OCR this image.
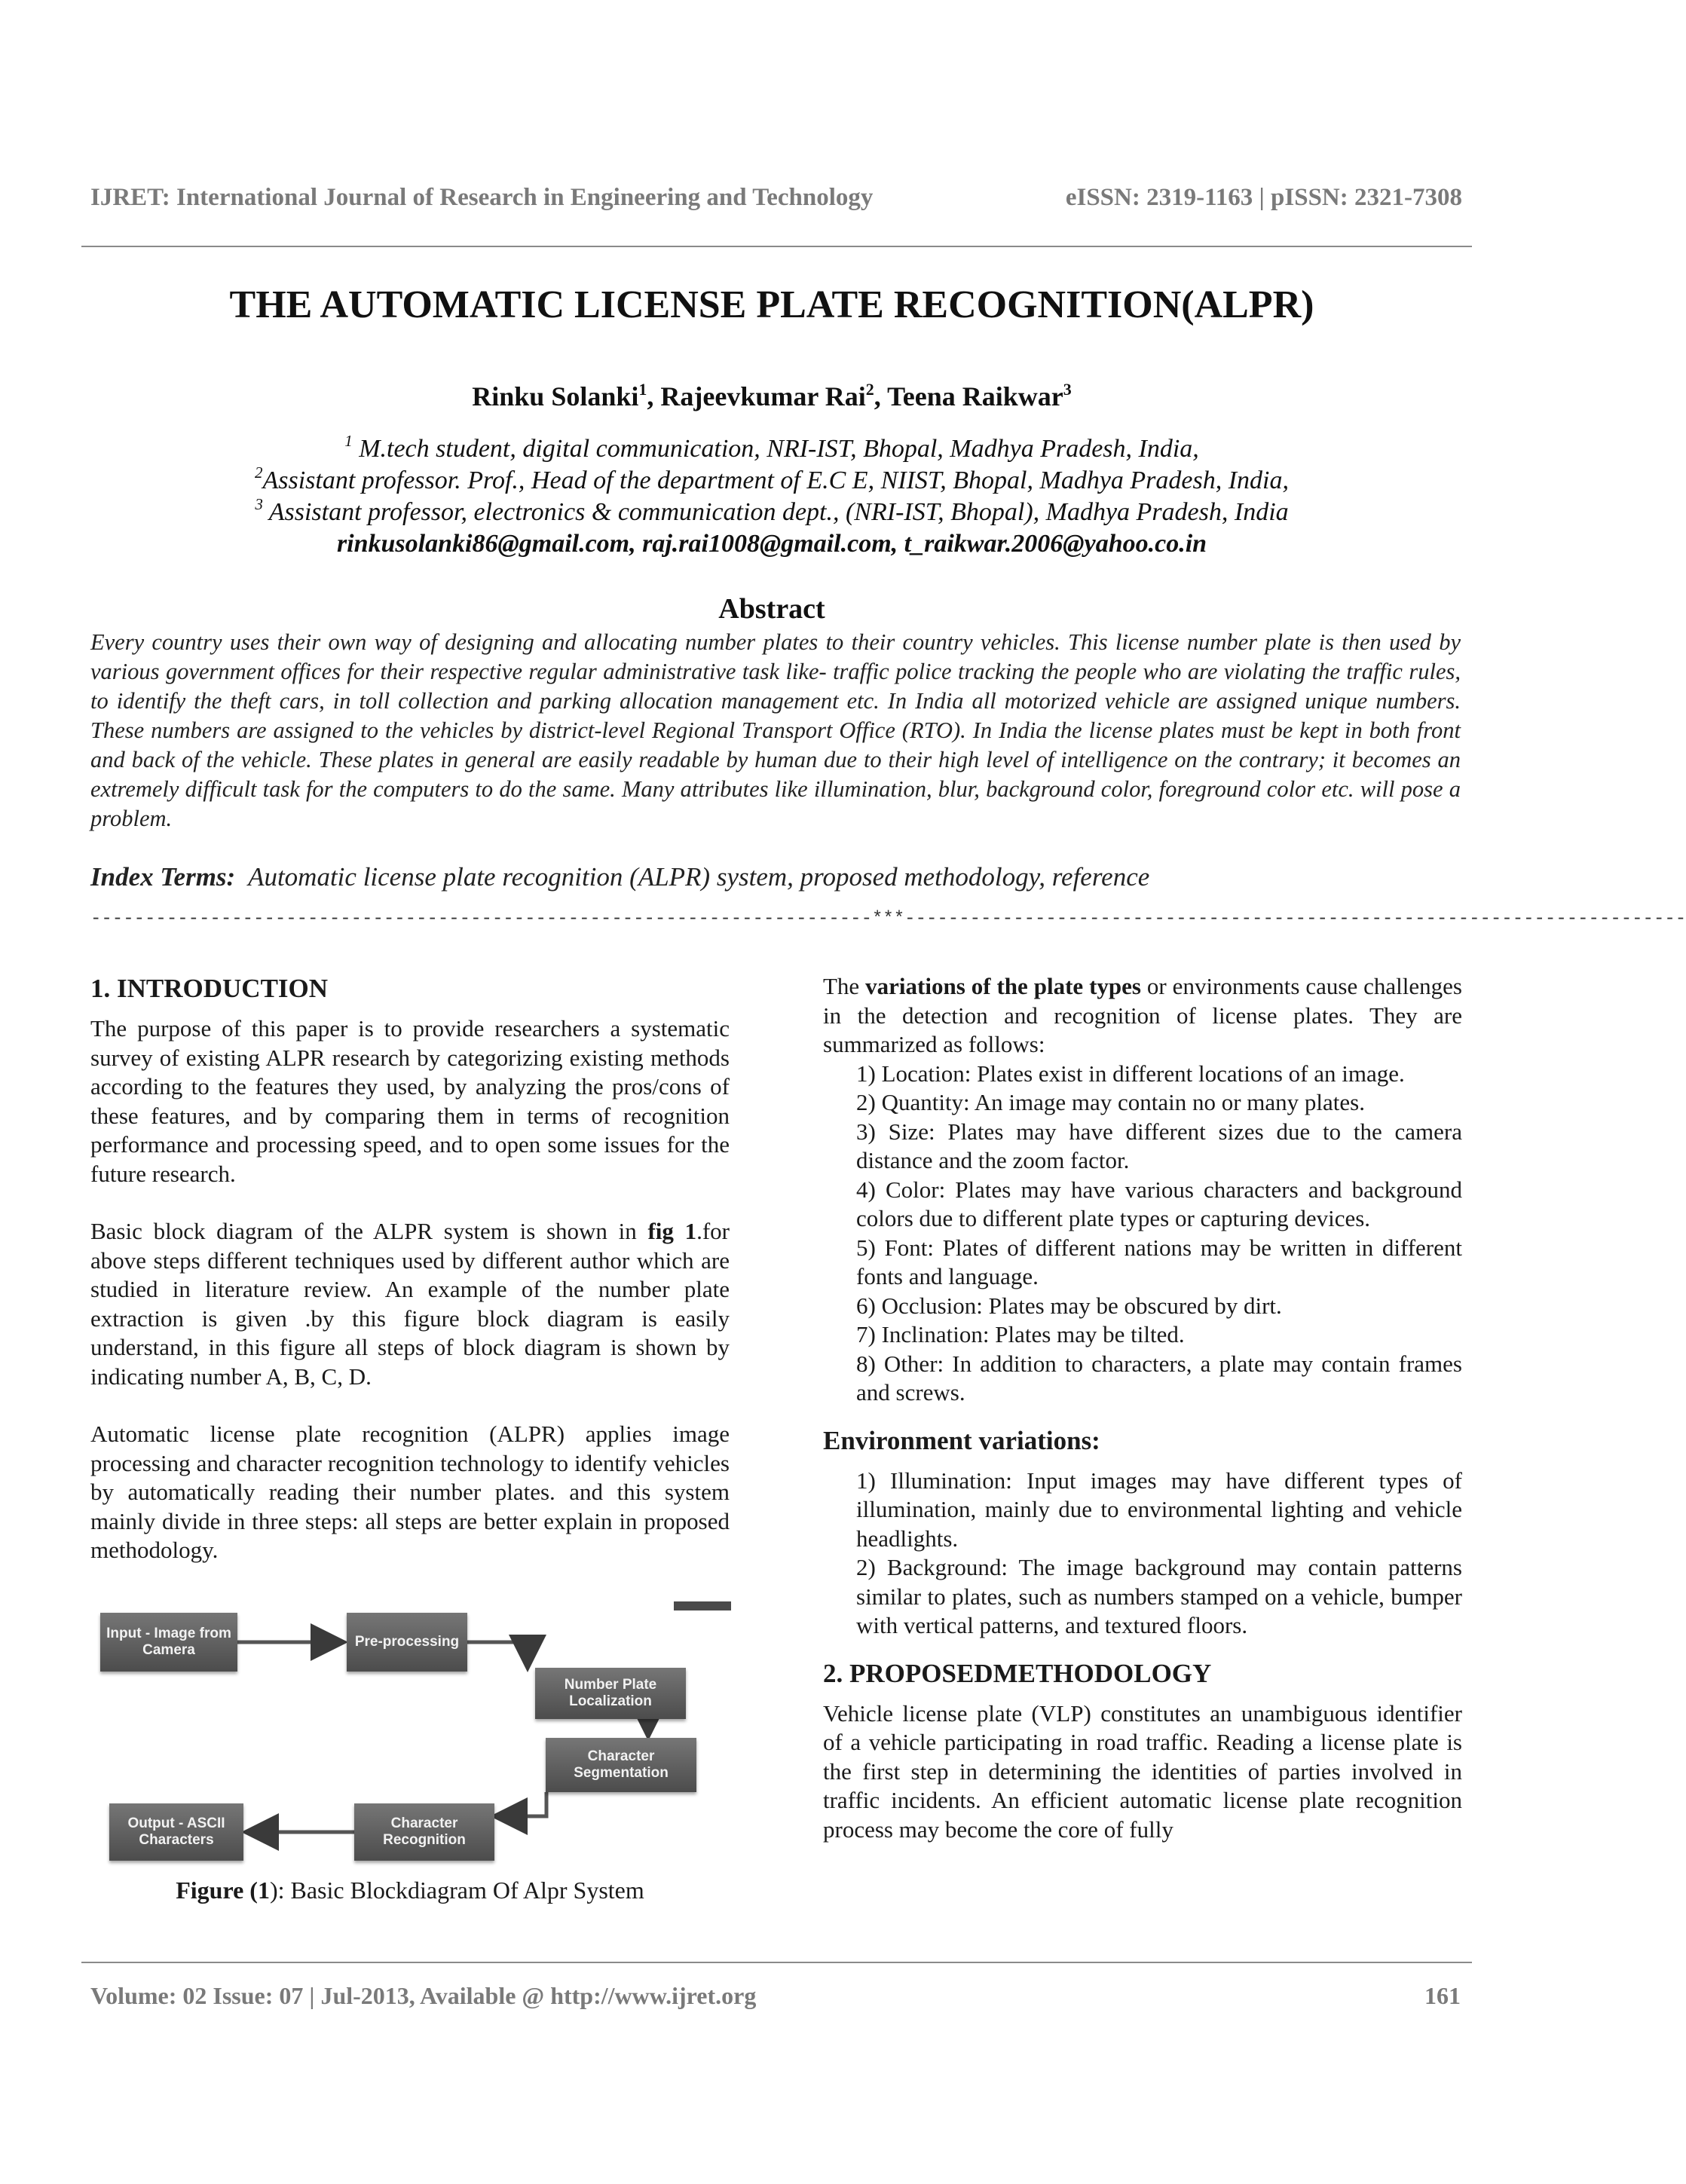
IJRET: International Journal of Research in Engineering and Technology	eISSN: 2319-1163 | pISSN: 2321-7308
THE AUTOMATIC LICENSE PLATE RECOGNITION(ALPR)
Rinku Solanki$^1$, Rajeevkumar Rai$^2$, Teena Raikwar$^3$
$^1$ M.tech student, digital communication, NRI-IST, Bhopal, Madhya Pradesh, India,
$^2$Assistant professor. Prof., Head of the department of E.C E, NIIST, Bhopal, Madhya Pradesh, India,
$^3$ Assistant professor, electronics & communication dept., (NRI-IST, Bhopal), Madhya Pradesh, India
rinkusolanki86@gmail.com, raj.rai1008@gmail.com, t_raikwar.2006@yahoo.co.in
Abstract
Every country uses their own way of designing and allocating number plates to their country vehicles. This license number plate is then used by various government offices for their respective regular administrative task like- traffic police tracking the people who are violating the traffic rules, to identify the theft cars, in toll collection and parking allocation management etc. In India all motorized vehicle are assigned unique numbers. These numbers are assigned to the vehicles by district-level Regional Transport Office (RTO). In India the license plates must be kept in both front and back of the vehicle. These plates in general are easily readable by human due to their high level of intelligence on the contrary; it becomes an extremely difficult task for the computers to do the same. Many attributes like illumination, blur, background color, foreground color etc. will pose a problem.
Index Terms: Automatic license plate recognition (ALPR) system, proposed methodology, reference
------------------------------------------------------------------------***------------------------------------------------------------------------
1. INTRODUCTION

The purpose of this paper is to provide researchers a systematic survey of existing ALPR research by categorizing existing methods according to the features they used, by analyzing the pros/cons of these features, and by comparing them in terms of recognition performance and processing speed, and to open some issues for the future research.

Basic block diagram of the ALPR system is shown in fig 1.for above steps different techniques used by different author which are studied in literature review. An example of the number plate extraction is given .by this figure block diagram is easily understand, in this figure all steps of block diagram is shown by indicating number A, B, C, D.

Automatic license plate recognition (ALPR) applies image processing and character recognition technology to identify vehicles by automatically reading their number plates. and this system mainly divide in three steps: all steps are better explain in proposed methodology.

Input - Image from Camera
Pre-processing
Number Plate Localization
Character Segmentation
Character Recognition
Output - ASCII Characters
Figure (1): Basic Blockdiagram Of Alpr System

The variations of the plate types or environments cause challenges in the detection and recognition of license plates. They are summarized as follows:

1) Location: Plates exist in different locations of an image.
2) Quantity: An image may contain no or many plates.
3) Size: Plates may have different sizes due to the camera distance and the zoom factor.
4) Color: Plates may have various characters and background colors due to different plate types or capturing devices.
5) Font: Plates of different nations may be written in different fonts and language.
6) Occlusion: Plates may be obscured by dirt.
7) Inclination: Plates may be tilted.
8) Other: In addition to characters, a plate may contain frames and screws.
Environment variations:
1) Illumination: Input images may have different types of illumination, mainly due to environmental lighting and vehicle headlights.
2) Background: The image background may contain patterns similar to plates, such as numbers stamped on a vehicle, bumper with vertical patterns, and textured floors.
2. PROPOSEDMETHODOLOGY

Vehicle license plate (VLP) constitutes an unambiguous identifier of a vehicle participating in road traffic. Reading a license plate is the first step in determining the identities of parties involved in traffic incidents. An efficient automatic license plate recognition process may become the core of fully

Volume: 02 Issue: 07 | Jul-2013, Available @ http://www.ijret.org	161
